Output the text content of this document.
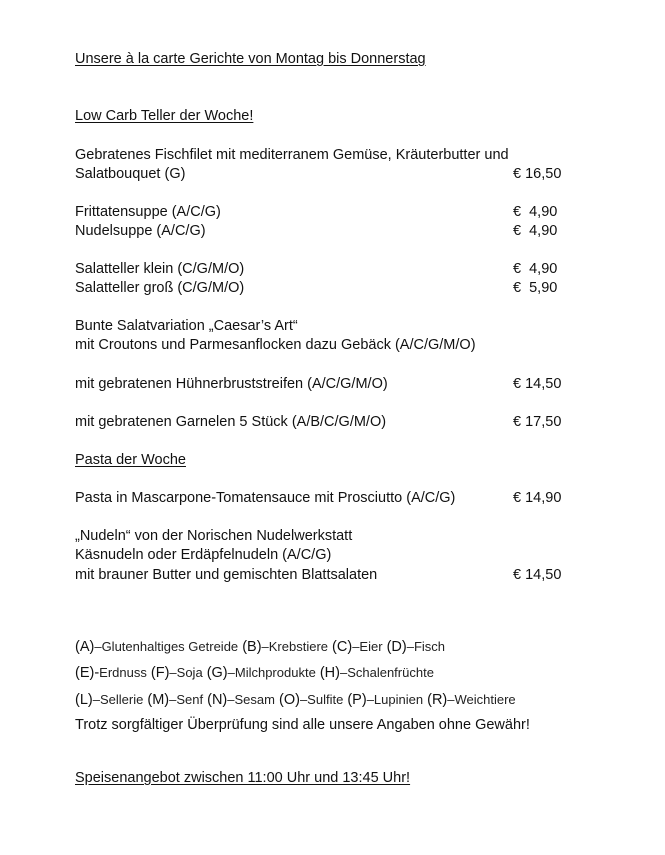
Unsere à la carte Gerichte von Montag bis Donnerstag
Low Carb Teller der Woche!
Gebratenes Fischfilet mit mediterranem Gemüse, Kräuterbutter und
Salatbouquet (G)	€ 16,50
Frittatensuppe (A/C/G)	€  4,90
Nudelsuppe (A/C/G)	€  4,90
Salatteller klein (C/G/M/O)	€  4,90
Salatteller groß (C/G/M/O)	€  5,90
Bunte Salatvariation „Caesar’s Art“
mit Croutons und Parmesanflocken dazu Gebäck (A/C/G/M/O)
mit gebratenen Hühnerbruststreifen (A/C/G/M/O)	€ 14,50
mit gebratenen Garnelen 5 Stück (A/B/C/G/M/O)	€ 17,50
Pasta der Woche
Pasta in Mascarpone-Tomatensauce mit Prosciutto (A/C/G)	€ 14,90
„Nudeln“ von der Norischen Nudelwerkstatt
Käsnudeln oder Erdäpfelnudeln (A/C/G)
mit brauner Butter und gemischten Blattsalaten	€ 14,50
(A)–Glutenhaltiges Getreide (B)–Krebstiere (C)–Eier (D)–Fisch
(E)-Erdnuss (F)–Soja (G)–Milchprodukte (H)–Schalenfrüchte
(L)–Sellerie (M)–Senf (N)–Sesam (O)–Sulfite (P)–Lupinien (R)–Weichtiere
Trotz sorgfältiger Überprüfung sind alle unsere Angaben ohne Gewähr!
Speisenangebot zwischen 11:00 Uhr und 13:45 Uhr!
